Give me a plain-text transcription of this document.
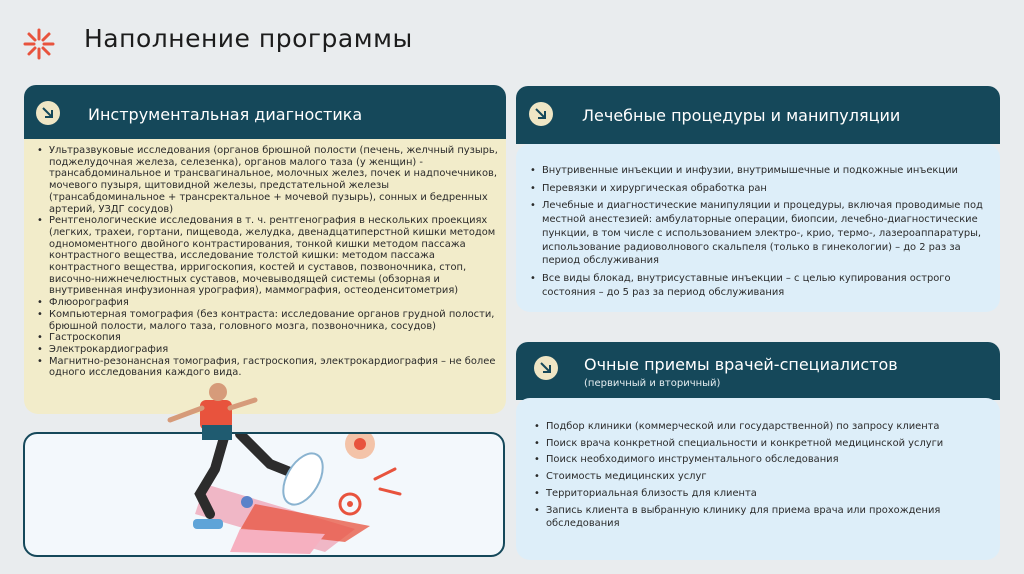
Наполнение программы
Инструментальная диагностика
• Ультразвуковые исследования (органов брюшной полости (печень, желчный пузырь, поджелудочная железа, селезенка), органов малого таза (у женщин) - трансабдоминальное и трансвагинальное, молочных желез, почек и надпочечников, мочевого пузыря, щитовидной железы, предстательной железы (трансабдоминальное + трансректальное + мочевой пузырь), сонных и бедренных артерий, УЗДГ сосудов)
• Рентгенологические исследования в т. ч. рентгенография в нескольких проекциях (легких, трахеи, гортани, пищевода, желудка, двенадцатиперстной кишки методом одномоментного двойного контрастирования, тонкой кишки методом пассажа контрастного вещества, исследование толстой кишки: методом пассажа контрастного вещества, ирригоскопия, костей и суставов, позвоночника, стоп, височно-нижнечелюстных суставов, мочевыводящей системы (обзорная и внутривенная инфузионная урография), маммография, остеоденситометрия)
• Флюорография
• Компьютерная томография (без контраста: исследование органов грудной полости, брюшной полости, малого таза, головного мозга, позвоночника, сосудов)
• Гастроскопия
• Электрокардиография
• Магнитно-резонансная томография, гастроскопия, электрокардиография – не более одного исследования каждого вида.
Лечебные процедуры и манипуляции
• Внутривенные инъекции и инфузии, внутримышечные и подкожные инъекции
• Перевязки и хирургическая обработка ран
• Лечебные и диагностические манипуляции и процедуры, включая проводимые под местной анестезией: амбулаторные операции, биопсии, лечебно-диагностические пункции, в том числе с использованием электро-, крио, термо-, лазероаппаратуры, использование радиоволнового скальпеля (только в гинекологии) – до 2 раз за период обслуживания
• Все виды блокад, внутрисуставные инъекции – с целью купирования острого состояния – до 5 раз за период обслуживания
Очные приемы врачей-специалистов
(первичный и вторичный)
• Подбор клиники (коммерческой или государственной) по запросу клиента
• Поиск врача конкретной специальности и конкретной медицинской услуги
• Поиск необходимого инструментального обследования
• Стоимость медицинских услуг
• Территориальная близость для клиента
• Запись клиента в выбранную клинику для приема врача или прохождения обследования
